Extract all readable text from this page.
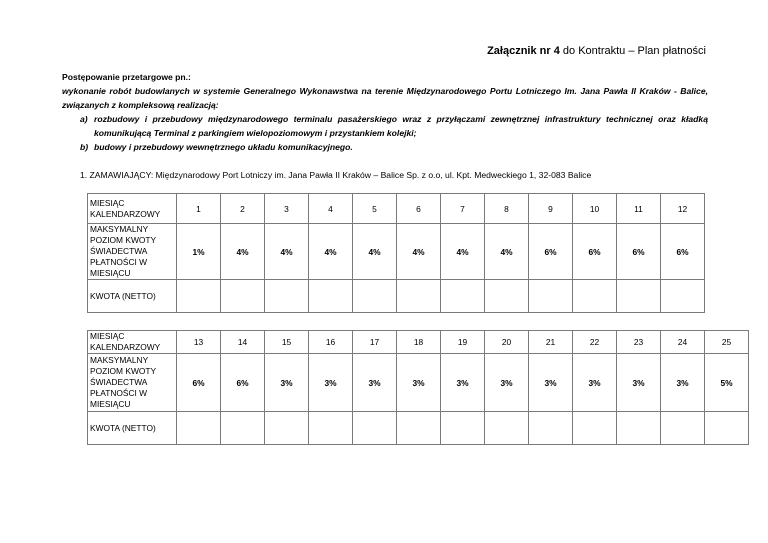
Załącznik nr 4 do Kontraktu – Plan płatności
Postępowanie przetargowe pn.:
wykonanie robót budowlanych w systemie Generalnego Wykonawstwa na terenie Międzynarodowego Portu Lotniczego Im. Jana Pawła II Kraków - Balice, związanych z kompleksową realizacją:
a) rozbudowy i przebudowy międzynarodowego terminalu pasażerskiego wraz z przyłączami zewnętrznej infrastruktury technicznej oraz kładką komunikującą Terminal z parkingiem wielopoziomowym i przystankiem kolejki;
b) budowy i przebudowy wewnętrznego układu komunikacyjnego.
1. ZAMAWIAJĄCY: Międzynarodowy Port Lotniczy im. Jana Pawła II Kraków – Balice Sp. z o.o, ul. Kpt. Medweckiego 1, 32-083 Balice
MIESIĄC KALENDARZOWY	1	2	3	4	5	6	7	8	9	10	11	12
MAKSYMALNY POZIOM KWOTY ŚWIADECTWA PŁATNOŚCI W MIESIĄCU	1%	4%	4%	4%	4%	4%	4%	4%	6%	6%	6%	6%
KWOTA (NETTO)												
MIESIĄC KALENDARZOWY	13	14	15	16	17	18	19	20	21	22	23	24	25
MAKSYMALNY POZIOM KWOTY ŚWIADECTWA PŁATNOŚCI W MIESIĄCU	6%	6%	3%	3%	3%	3%	3%	3%	3%	3%	3%	3%	5%
KWOTA (NETTO)													
